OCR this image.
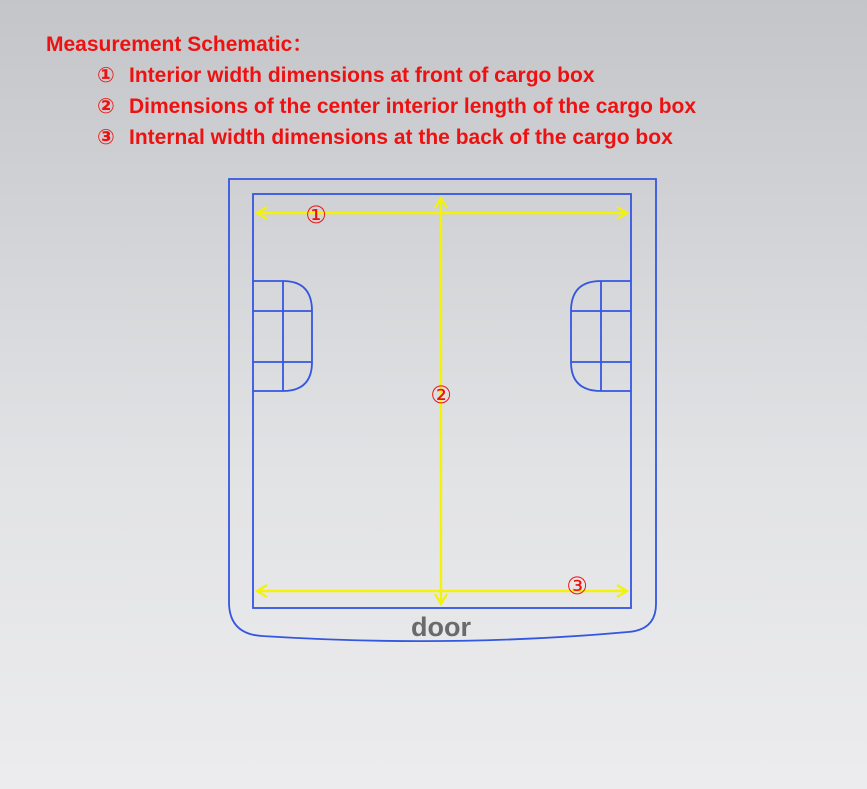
Measurement Schematic：
① Interior width dimensions at front of cargo box
② Dimensions of the center interior length of the cargo box
③ Internal width dimensions at the back of the cargo box
①
②
③
door
